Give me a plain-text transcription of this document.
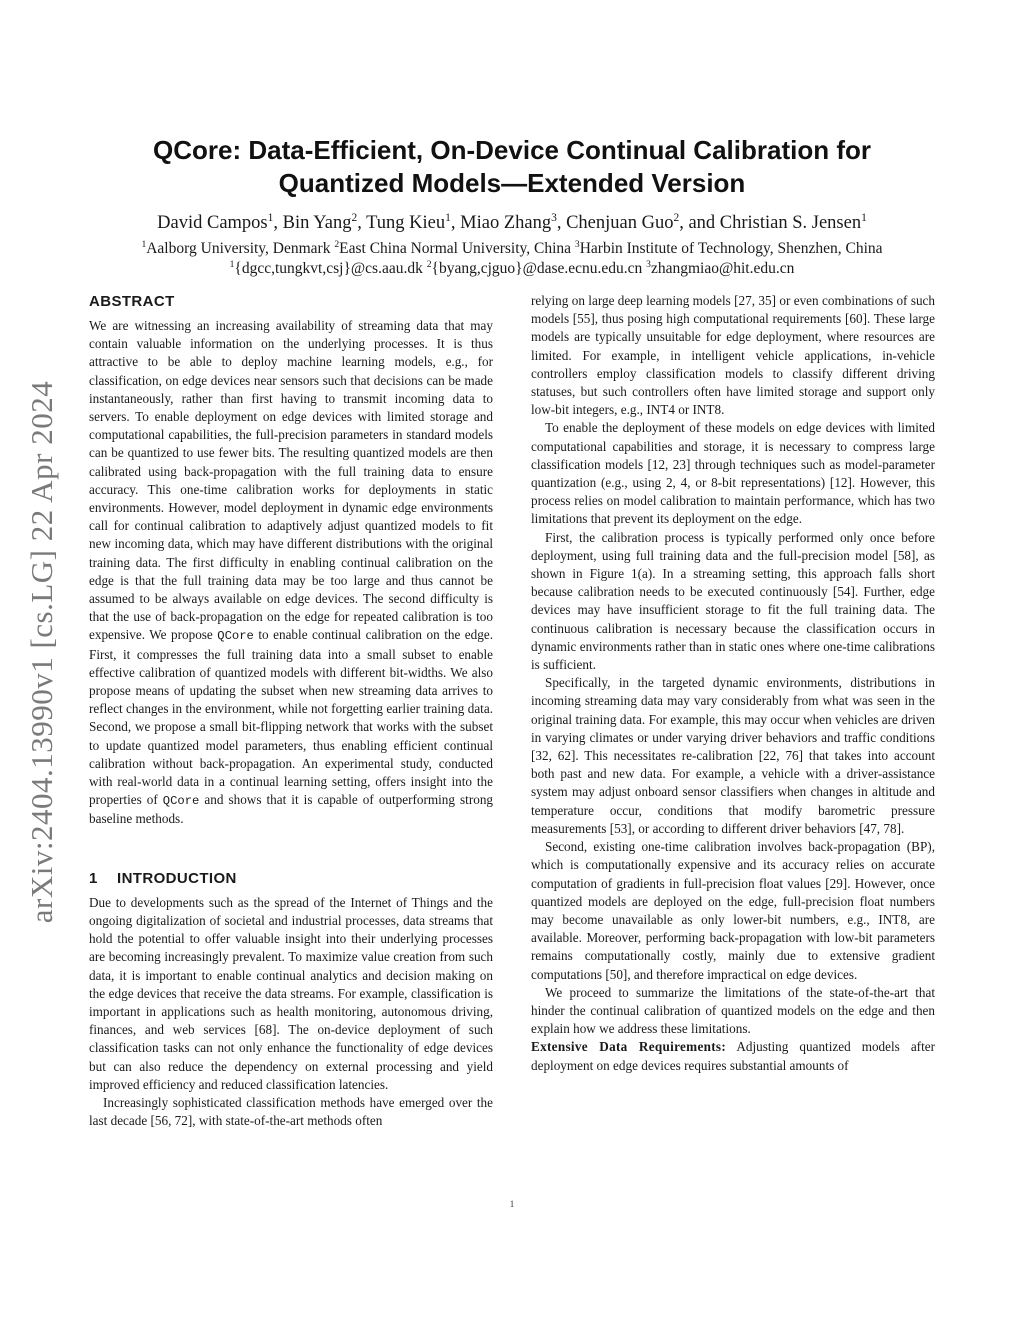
arXiv:2404.13990v1 [cs.LG] 22 Apr 2024
QCore: Data-Efficient, On-Device Continual Calibration for
Quantized Models—Extended Version
David Campos$^1$, Bin Yang$^2$, Tung Kieu$^1$, Miao Zhang$^3$, Chenjuan Guo$^2$, and Christian S. Jensen$^1$
$^1$Aalborg University, Denmark $^2$East China Normal University, China $^3$Harbin Institute of Technology, Shenzhen, China
$^1${dgcc,tungkvt,csj}@cs.aau.dk $^2${byang,cjguo}@dase.ecnu.edu.cn $^3$zhangmiao@hit.edu.cn
ABSTRACT

We are witnessing an increasing availability of streaming data that may contain valuable information on the underlying processes. It is thus attractive to be able to deploy machine learning models, e.g., for classification, on edge devices near sensors such that decisions can be made instantaneously, rather than first having to transmit incoming data to servers. To enable deployment on edge devices with limited storage and computational capabilities, the full-precision parameters in standard models can be quantized to use fewer bits. The resulting quantized models are then calibrated using back-propagation with the full training data to ensure accuracy. This one-time calibration works for deployments in static environments. However, model deployment in dynamic edge environments call for continual calibration to adaptively adjust quantized models to fit new incoming data, which may have different distributions with the original training data. The first difficulty in enabling continual calibration on the edge is that the full training data may be too large and thus cannot be assumed to be always available on edge devices. The second difficulty is that the use of back-propagation on the edge for repeated calibration is too expensive. We propose QCore to enable continual calibration on the edge. First, it compresses the full training data into a small subset to enable effective calibration of quantized models with different bit-widths. We also propose means of updating the subset when new streaming data arrives to reflect changes in the environment, while not forgetting earlier training data. Second, we propose a small bit-flipping network that works with the subset to update quantized model parameters, thus enabling efficient continual calibration without back-propagation. An experimental study, conducted with real-world data in a continual learning setting, offers insight into the properties of QCore and shows that it is capable of outperforming strong baseline methods.

1 INTRODUCTION

Due to developments such as the spread of the Internet of Things and the ongoing digitalization of societal and industrial processes, data streams that hold the potential to offer valuable insight into their underlying processes are becoming increasingly prevalent. To maximize value creation from such data, it is important to enable continual analytics and decision making on the edge devices that receive the data streams. For example, classification is important in applications such as health monitoring, autonomous driving, finances, and web services [68]. The on-device deployment of such classification tasks can not only enhance the functionality of edge devices but can also reduce the dependency on external processing and yield improved efficiency and reduced classification latencies.

Increasingly sophisticated classification methods have emerged over the last decade [56, 72], with state-of-the-art methods often

relying on large deep learning models [27, 35] or even combinations of such models [55], thus posing high computational requirements [60]. These large models are typically unsuitable for edge deployment, where resources are limited. For example, in intelligent vehicle applications, in-vehicle controllers employ classification models to classify different driving statuses, but such controllers often have limited storage and support only low-bit integers, e.g., INT4 or INT8.

To enable the deployment of these models on edge devices with limited computational capabilities and storage, it is necessary to compress large classification models [12, 23] through techniques such as model-parameter quantization (e.g., using 2, 4, or 8-bit representations) [12]. However, this process relies on model calibration to maintain performance, which has two limitations that prevent its deployment on the edge.

First, the calibration process is typically performed only once before deployment, using full training data and the full-precision model [58], as shown in Figure 1(a). In a streaming setting, this approach falls short because calibration needs to be executed continuously [54]. Further, edge devices may have insufficient storage to fit the full training data. The continuous calibration is necessary because the classification occurs in dynamic environments rather than in static ones where one-time calibrations is sufficient.

Specifically, in the targeted dynamic environments, distributions in incoming streaming data may vary considerably from what was seen in the original training data. For example, this may occur when vehicles are driven in varying climates or under varying driver behaviors and traffic conditions [32, 62]. This necessitates re-calibration [22, 76] that takes into account both past and new data. For example, a vehicle with a driver-assistance system may adjust onboard sensor classifiers when changes in altitude and temperature occur, conditions that modify barometric pressure measurements [53], or according to different driver behaviors [47, 78].

Second, existing one-time calibration involves back-propagation (BP), which is computationally expensive and its accuracy relies on accurate computation of gradients in full-precision float values [29]. However, once quantized models are deployed on the edge, full-precision float numbers may become unavailable as only lower-bit numbers, e.g., INT8, are available. Moreover, performing back-propagation with low-bit parameters remains computationally costly, mainly due to extensive gradient computations [50], and therefore impractical on edge devices.

We proceed to summarize the limitations of the state-of-the-art that hinder the continual calibration of quantized models on the edge and then explain how we address these limitations.

Extensive Data Requirements: Adjusting quantized models after deployment on edge devices requires substantial amounts of

1
